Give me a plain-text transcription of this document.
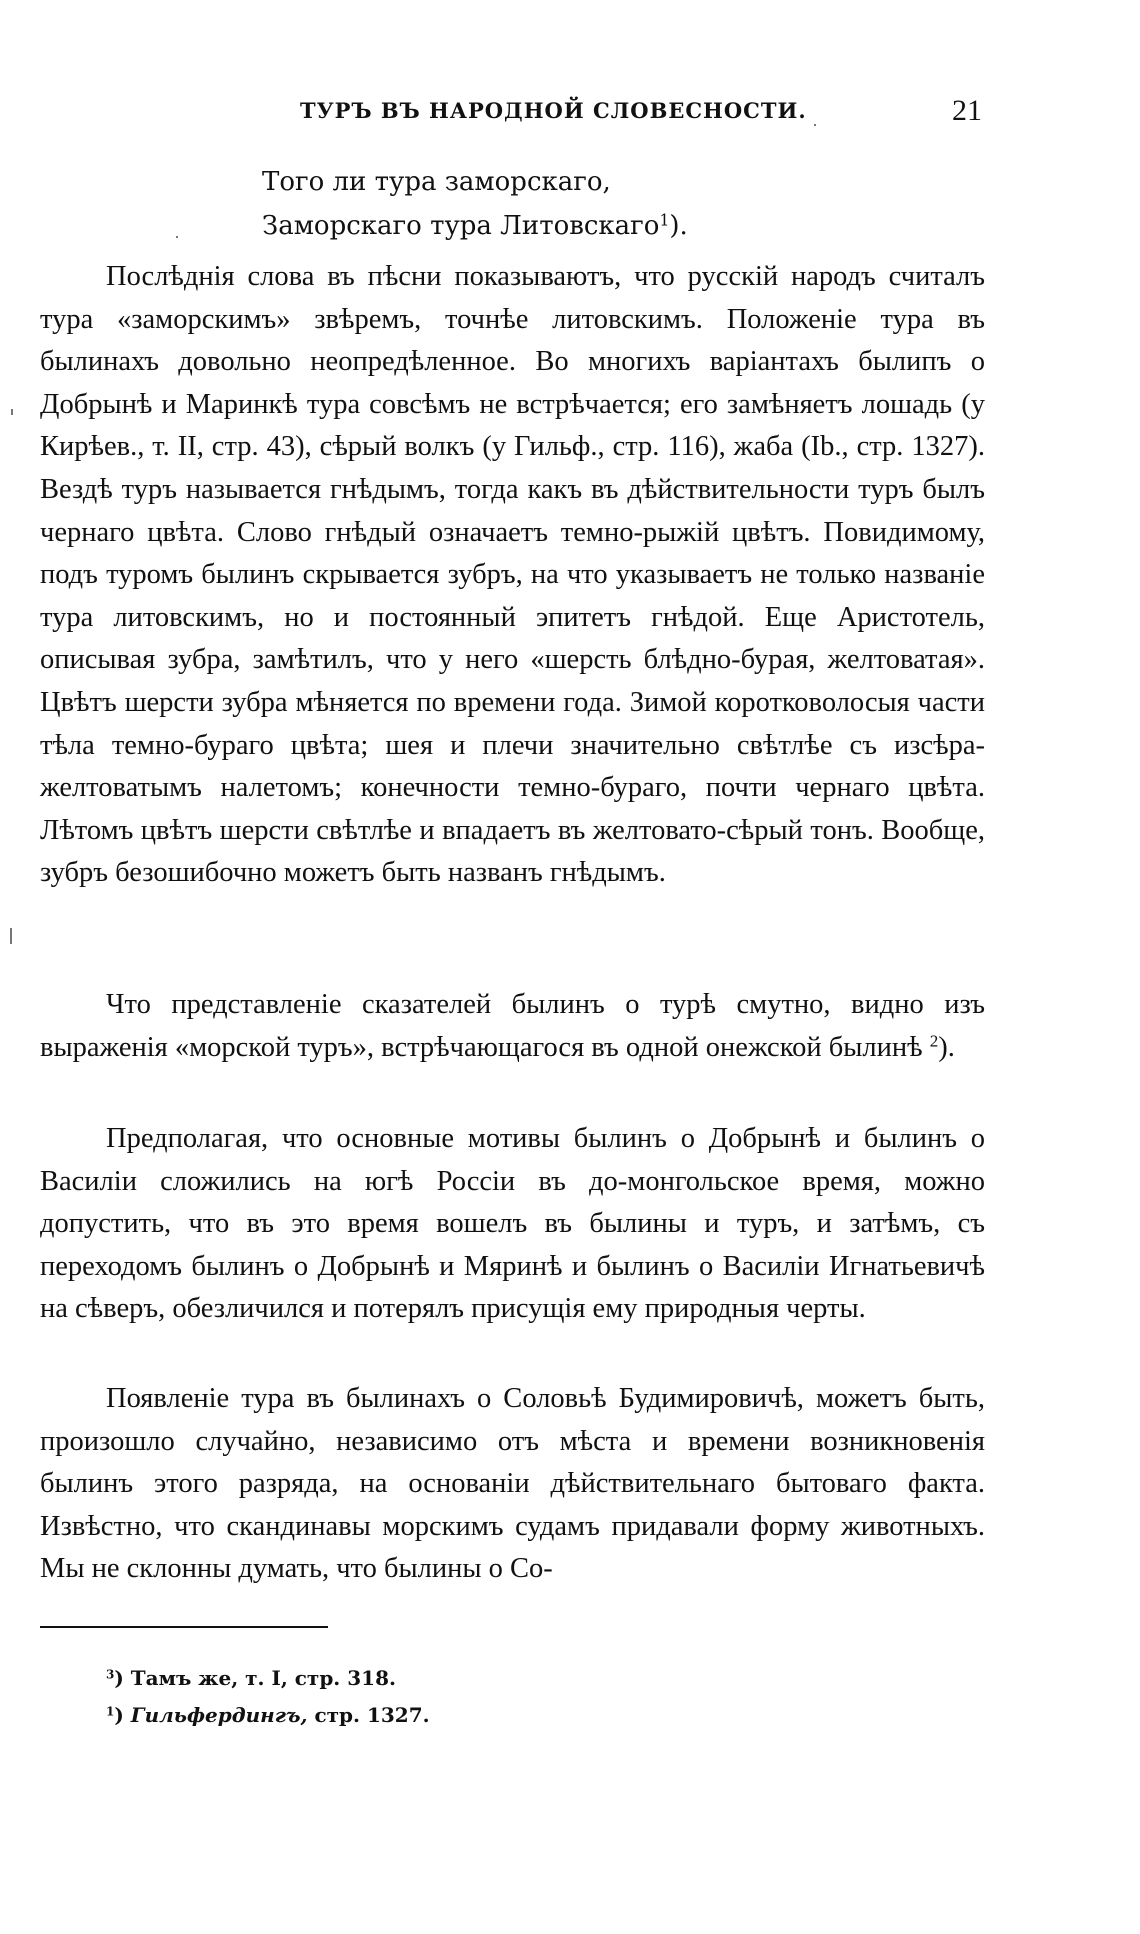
ТУРЪ ВЪ НАРОДНОЙ СЛОВЕСНОСТИ.	21
Того ли тура заморскаго,
Заморскаго тура Литовскаго$^1$).

Послѣднія слова въ пѣсни показываютъ, что русскій народъ считалъ тура «заморскимъ» звѣремъ, точнѣе литовскимъ. Положеніе тура въ былинахъ довольно неопредѣленное. Во многихъ варіантахъ былипъ о Добрынѣ и Маринкѣ тура совсѣмъ не встрѣчается; его замѣняетъ лошадь (у Кирѣев., т. II, стр. 43), сѣрый волкъ (у Гильф., стр. 116), жаба (Ib., стр. 1327). Вездѣ туръ называется гнѣдымъ, тогда какъ въ дѣйствительности туръ былъ чернаго цвѣта. Слово гнѣдый означаетъ темно-рыжій цвѣтъ. Повидимому, подъ туромъ былинъ скрывается зубръ, на что указываетъ не только названіе тура литовскимъ, но и постоянный эпитетъ гнѣдой. Еще Аристотель, описывая зубра, замѣтилъ, что у него «шерсть блѣдно-бурая, желтоватая». Цвѣтъ шерсти зубра мѣняется по времени года. Зимой коротковолосыя части тѣла темно-бураго цвѣта; шея и плечи значительно свѣтлѣе съ изсѣра-желтоватымъ налетомъ; конечности темно-бураго, почти чернаго цвѣта. Лѣтомъ цвѣтъ шерсти свѣтлѣе и впадаетъ въ желтовато-сѣрый тонъ. Вообще, зубръ безошибочно можетъ быть названъ гнѣдымъ.

Что представленіе сказателей былинъ о турѣ смутно, видно изъ выраженія «морской туръ», встрѣчающагося въ одной онежской былинѣ $^2$).

Предполагая, что основные мотивы былинъ о Добрынѣ и былинъ о Василіи сложились на югѣ Россіи въ до-монгольское время, можно допустить, что въ это время вошелъ въ былины и туръ, и затѣмъ, съ переходомъ былинъ о Добрынѣ и Мяринѣ и былинъ о Василіи Игнатьевичѣ на сѣверъ, обезличился и потерялъ присущія ему природныя черты.

Появленіе тура въ былинахъ о Соловьѣ Будимировичѣ, можетъ быть, произошло случайно, независимо отъ мѣста и времени возникновенія былинъ этого разряда, на основаніи дѣйствительнаго бытоваго факта. Извѣстно, что скандинавы морскимъ судамъ придавали форму животныхъ. Мы не склонны думать, что былины о Со-

$^3$) Тамъ же, т. I, стр. 318.
$^1$) Гильфердингъ, стр. 1327.
